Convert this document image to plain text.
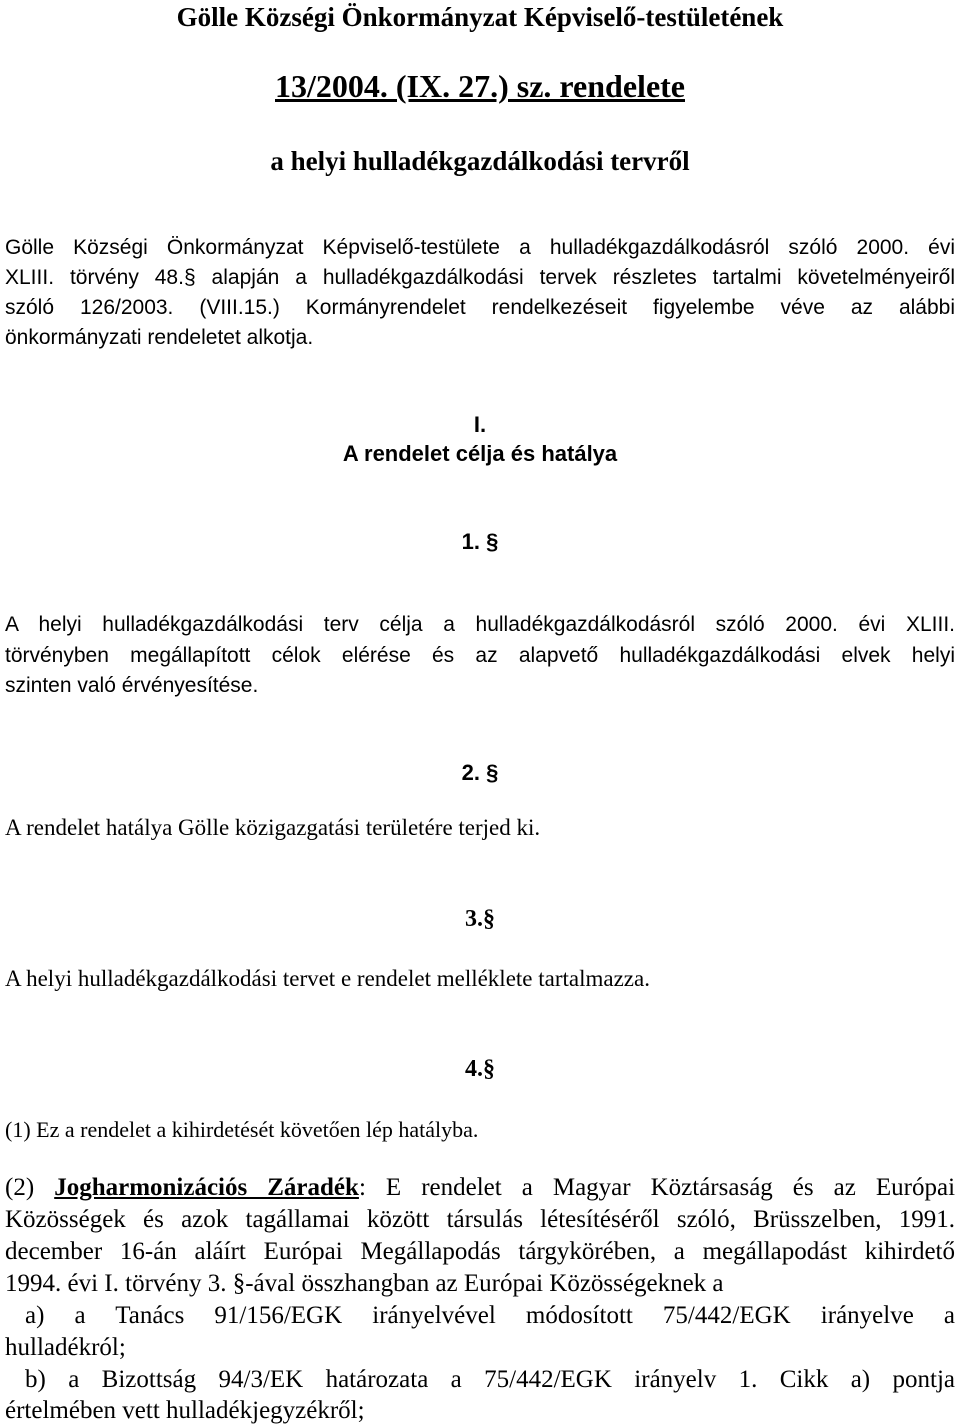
Gölle Községi Önkormányzat Képviselő-testületének
13/2004. (IX. 27.) sz. rendelete
a helyi hulladékgazdálkodási tervről
Gölle Községi Önkormányzat Képviselő-testülete a hulladékgazdálkodásról szóló 2000. évi
XLIII. törvény 48.§ alapján a hulladékgazdálkodási tervek részletes tartalmi követelményeiről
szóló 126/2003. (VIII.15.) Kormányrendelet rendelkezéseit figyelembe véve az alábbi
önkormányzati rendeletet alkotja.
I.
A rendelet célja és hatálya
1. §
A helyi hulladékgazdálkodási terv célja a hulladékgazdálkodásról szóló 2000. évi XLIII.
törvényben megállapított célok elérése és az alapvető hulladékgazdálkodási elvek helyi
szinten való érvényesítése.
2. §
A rendelet hatálya Gölle közigazgatási területére terjed ki.
3.§
A helyi hulladékgazdálkodási tervet e rendelet melléklete tartalmazza.
4.§
(1) Ez a rendelet a kihirdetését követően lép hatályba.
(2) Jogharmonizációs Záradék: E rendelet a Magyar Köztársaság és az Európai
Közösségek és azok tagállamai között társulás létesítéséről szóló, Brüsszelben, 1991.
december 16-án aláírt Európai Megállapodás tárgykörében, a megállapodást kihirdető
1994. évi I. törvény 3. §-ával összhangban az Európai Közösségeknek a
a) a Tanács 91/156/EGK irányelvével módosított 75/442/EGK irányelve a
hulladékról;
b) a Bizottság 94/3/EK határozata a 75/442/EGK irányelv 1. Cikk a) pontja
értelmében vett hulladékjegyzékről;
